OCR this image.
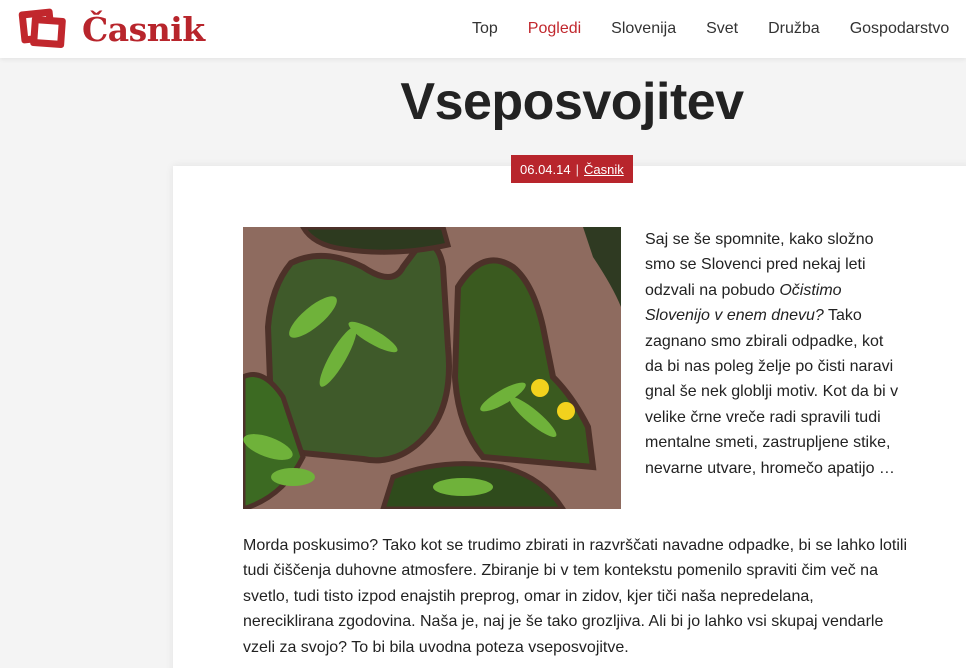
Časnik	Top Pogledi Slovenija Svet Družba Gospodarstvo
Vseposvojitev
06.04.14 | Časnik

Saj se še spomnite, kako složno smo se Slovenci pred nekaj leti odzvali na pobudo Očistimo Slovenijo v enem dnevu? Tako zagnano smo zbirali odpadke, kot da bi nas poleg želje po čisti naravi gnal še nek globlji motiv. Kot da bi v velike črne vreče radi spravili tudi mentalne smeti, zastrupljene stike, nevarne utvare, hromečo apatijo …

Morda poskusimo? Tako kot se trudimo zbirati in razvrščati navadne odpadke, bi se lahko lotili tudi čiščenja duhovne atmosfere. Zbiranje bi v tem kontekstu pomenilo spraviti čim več na svetlo, tudi tisto izpod enajstih preprog, omar in zidov, kjer tiči naša nepredelana, nereciklirana zgodovina. Naša je, naj je še tako grozljiva. Ali bi jo lahko vsi skupaj vendarle vzeli za svojo? To bi bila uvodna poteza vseposvojitve.
